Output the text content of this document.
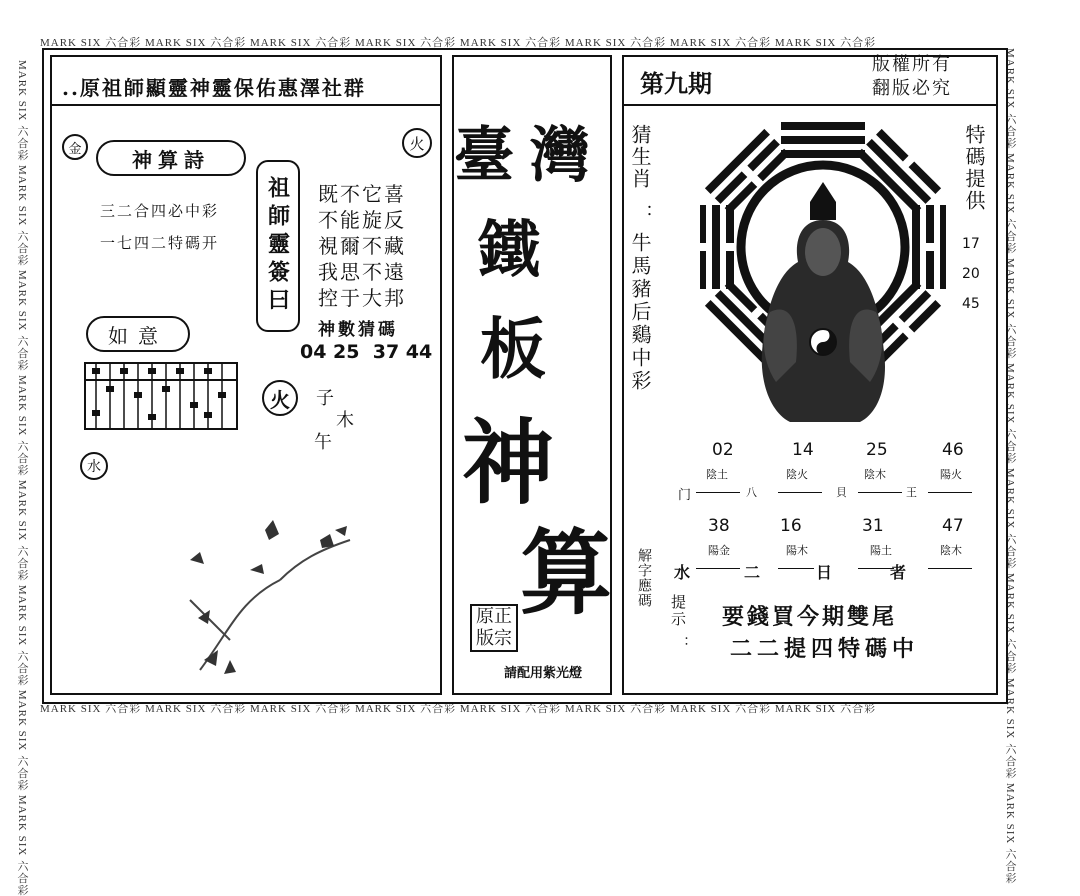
MARK SIX 六合彩 MARK SIX 六合彩 MARK SIX 六合彩 MARK SIX 六合彩 MARK SIX 六合彩 MARK SIX 六合彩 MARK SIX 六合彩 MARK SIX 六合彩
MARK SIX 六合彩 MARK SIX 六合彩 MARK SIX 六合彩 MARK SIX 六合彩 MARK SIX 六合彩 MARK SIX 六合彩 MARK SIX 六合彩 MARK SIX 六合彩
MARK SIX 六合彩 MARK SIX 六合彩 MARK SIX 六合彩 MARK SIX 六合彩 MARK SIX 六合彩 MARK SIX 六合彩 MARK SIX 六合彩 MARK SIX 六合彩	MARK SIX 六合彩 MARK SIX 六合彩 MARK SIX 六合彩 MARK SIX 六合彩 MARK SIX 六合彩 MARK SIX 六合彩 MARK SIX 六合彩 MARK SIX 六合彩
..原祖師顯靈神靈保佑惠澤社群
金	火
神算詩
三二合四必中彩
一七四二特碼开 祖師靈簽曰 既不它喜
不能旋反
視爾不藏
我思不遠
控于大邦
神數猜碼
04 25  37 44
如意
火 子
木
午
水
臺 灣
鐵
板
神
算
原正版宗
請配用紫光燈
第九期
版權所有
翻版必究
猜生肖
：
牛馬豬后鷄中彩
特碼提供
17
20
45
门
02
陰土
八
14
陰火
貝
25
陰木
王
46
陽火
水
38
陽金
二
16
陽木
日
31
陽土
者
47
陰木
解字應碼
提示
：
要錢買今期雙尾
二二提四特碼中
